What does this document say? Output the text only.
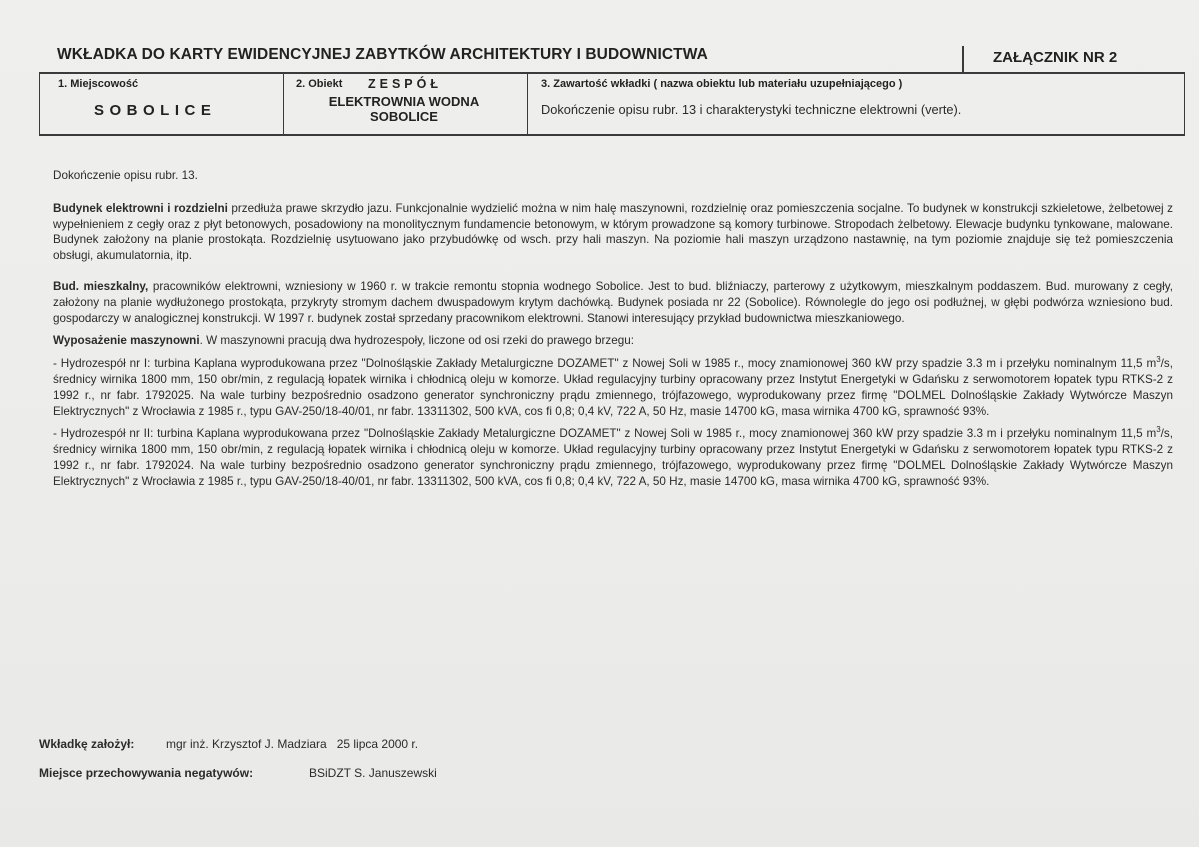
WKŁADKA DO KARTY EWIDENCYJNEJ ZABYTKÓW ARCHITEKTURY I BUDOWNICTWA	ZAŁĄCZNIK NR 2
1. Miejscowość
SOBOLICE
2. Obiekt ZESPÓŁ
ELEKTROWNIA WODNA
SOBOLICE
3. Zawartość wkładki ( nazwa obiektu lub materiału uzupełniającego )
Dokończenie opisu rubr. 13 i charakterystyki techniczne elektrowni (verte).

Dokończenie opisu rubr. 13.

Budynek elektrowni i rozdzielni przedłuża prawe skrzydło jazu. Funkcjonalnie wydzielić można w nim halę maszynowni, rozdzielnię oraz pomieszczenia socjalne. To budynek w konstrukcji szkieletowe, żelbetowej z wypełnieniem z cegły oraz z płyt betonowych, posadowiony na monolitycznym fundamencie betonowym, w którym prowadzone są komory turbinowe. Stropodach żelbetowy. Elewacje budynku tynkowane, malowane. Budynek założony na planie prostokąta. Rozdzielnię usytuowano jako przybudówkę od wsch. przy hali maszyn. Na poziomie hali maszyn urządzono nastawnię, na tym poziomie znajduje się też pomieszczenia obsługi, akumulatornia, itp.

Bud. mieszkalny, pracowników elektrowni, wzniesiony w 1960 r. w trakcie remontu stopnia wodnego Sobolice. Jest to bud. bliźniaczy, parterowy z użytkowym, mieszkalnym poddaszem. Bud. murowany z cegły, założony na planie wydłużonego prostokąta, przykryty stromym dachem dwuspadowym krytym dachówką. Budynek posiada nr 22 (Sobolice). Równolegle do jego osi podłużnej, w głębi podwórza wzniesiono bud. gospodarczy w analogicznej konstrukcji. W 1997 r. budynek został sprzedany pracownikom elektrowni. Stanowi interesujący przykład budownictwa mieszkaniowego.

Wyposażenie maszynowni. W maszynowni pracują dwa hydrozespoły, liczone od osi rzeki do prawego brzegu:

- Hydrozespół nr I: turbina Kaplana wyprodukowana przez "Dolnośląskie Zakłady Metalurgiczne DOZAMET" z Nowej Soli w 1985 r., mocy znamionowej 360 kW przy spadzie 3.3 m i przełyku nominalnym 11,5 $m^3/s$, średnicy wirnika 1800 mm, 150 obr/min, z regulacją łopatek wirnika i chłodnicą oleju w komorze. Układ regulacyjny turbiny opracowany przez Instytut Energetyki w Gdańsku z serwomotorem łopatek typu RTKS-2 z 1992 r., nr fabr. 1792025. Na wale turbiny bezpośrednio osadzono generator synchroniczny prądu zmiennego, trójfazowego, wyprodukowany przez firmę "DOLMEL Dolnośląskie Zakłady Wytwórcze Maszyn Elektrycznych" z Wrocławia z 1985 r., typu GAV-250/18-40/01, nr fabr. 13311302, 500 kVA, cos fi 0,8; 0,4 kV, 722 A, 50 Hz, masie 14700 kG, masa wirnika 4700 kG, sprawność 93%.

- Hydrozespół nr II: turbina Kaplana wyprodukowana przez "Dolnośląskie Zakłady Metalurgiczne DOZAMET" z Nowej Soli w 1985 r., mocy znamionowej 360 kW przy spadzie 3.3 m i przełyku nominalnym 11,5 $m^3/s$, średnicy wirnika 1800 mm, 150 obr/min, z regulacją łopatek wirnika i chłodnicą oleju w komorze. Układ regulacyjny turbiny opracowany przez Instytut Energetyki w Gdańsku z serwomotorem łopatek typu RTKS-2 z 1992 r., nr fabr. 1792024. Na wale turbiny bezpośrednio osadzono generator synchroniczny prądu zmiennego, trójfazowego, wyprodukowany przez firmę "DOLMEL Dolnośląskie Zakłady Wytwórcze Maszyn Elektrycznych" z Wrocławia z 1985 r., typu GAV-250/18-40/01, nr fabr. 13311302, 500 kVA, cos fi 0,8; 0,4 kV, 722 A, 50 Hz, masie 14700 kG, masa wirnika 4700 kG, sprawność 93%.

Wkładkę założył:	mgr inż. Krzysztof J. Madziara   25 lipca 2000 r.
Miejsce przechowywania negatywów:	BSiDZT S. Januszewski
